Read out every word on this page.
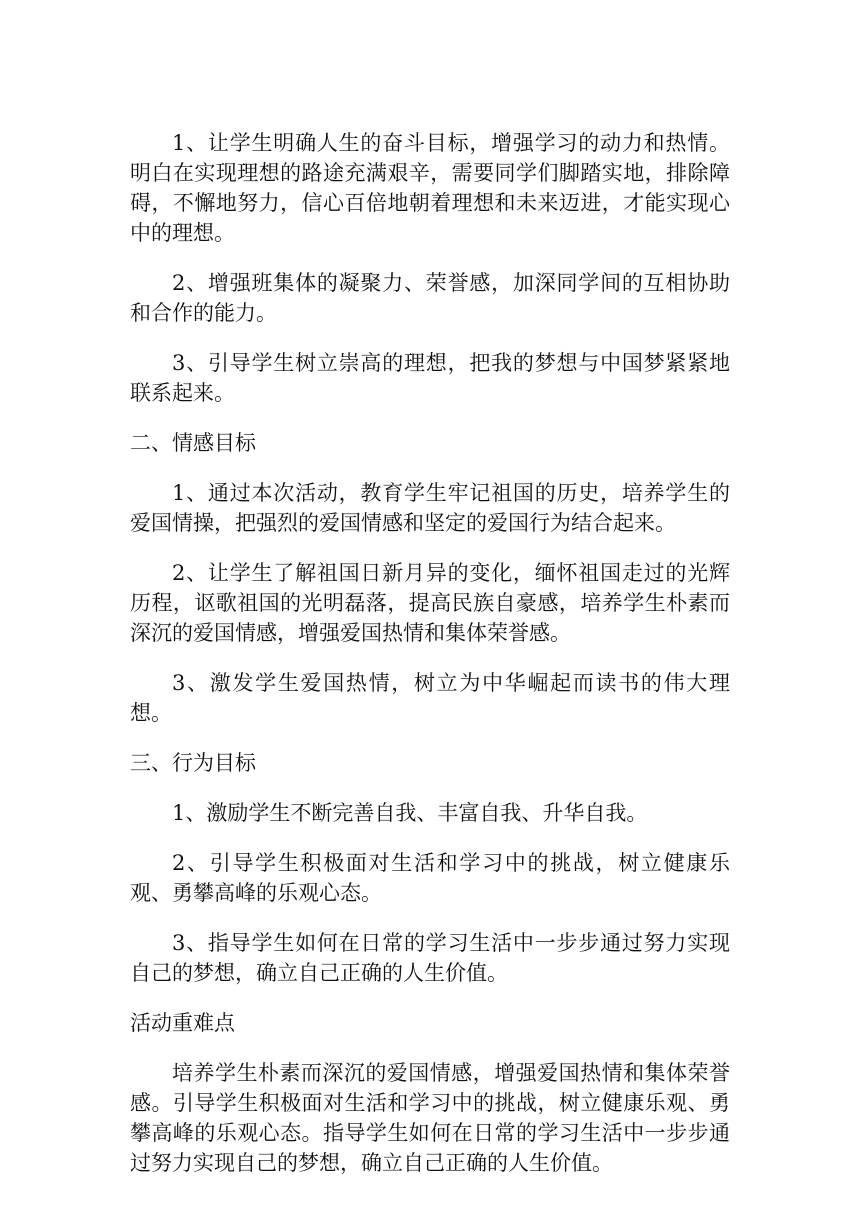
1、让学生明确人生的奋斗目标，增强学习的动力和热情。明白在实现理想的路途充满艰辛，需要同学们脚踏实地，排除障碍，不懈地努力，信心百倍地朝着理想和未来迈进，才能实现心中的理想。

2、增强班集体的凝聚力、荣誉感，加深同学间的互相协助和合作的能力。

3、引导学生树立崇高的理想，把我的梦想与中国梦紧紧地联系起来。

二、情感目标

1、通过本次活动，教育学生牢记祖国的历史，培养学生的爱国情操，把强烈的爱国情感和坚定的爱国行为结合起来。

2、让学生了解祖国日新月异的变化，缅怀祖国走过的光辉历程，讴歌祖国的光明磊落，提高民族自豪感，培养学生朴素而深沉的爱国情感，增强爱国热情和集体荣誉感。

3、激发学生爱国热情，树立为中华崛起而读书的伟大理想。

三、行为目标

1、激励学生不断完善自我、丰富自我、升华自我。

2、引导学生积极面对生活和学习中的挑战，树立健康乐观、勇攀高峰的乐观心态。

3、指导学生如何在日常的学习生活中一步步通过努力实现自己的梦想，确立自己正确的人生价值。

活动重难点

培养学生朴素而深沉的爱国情感，增强爱国热情和集体荣誉感。引导学生积极面对生活和学习中的挑战，树立健康乐观、勇攀高峰的乐观心态。指导学生如何在日常的学习生活中一步步通过努力实现自己的梦想，确立自己正确的人生价值。
